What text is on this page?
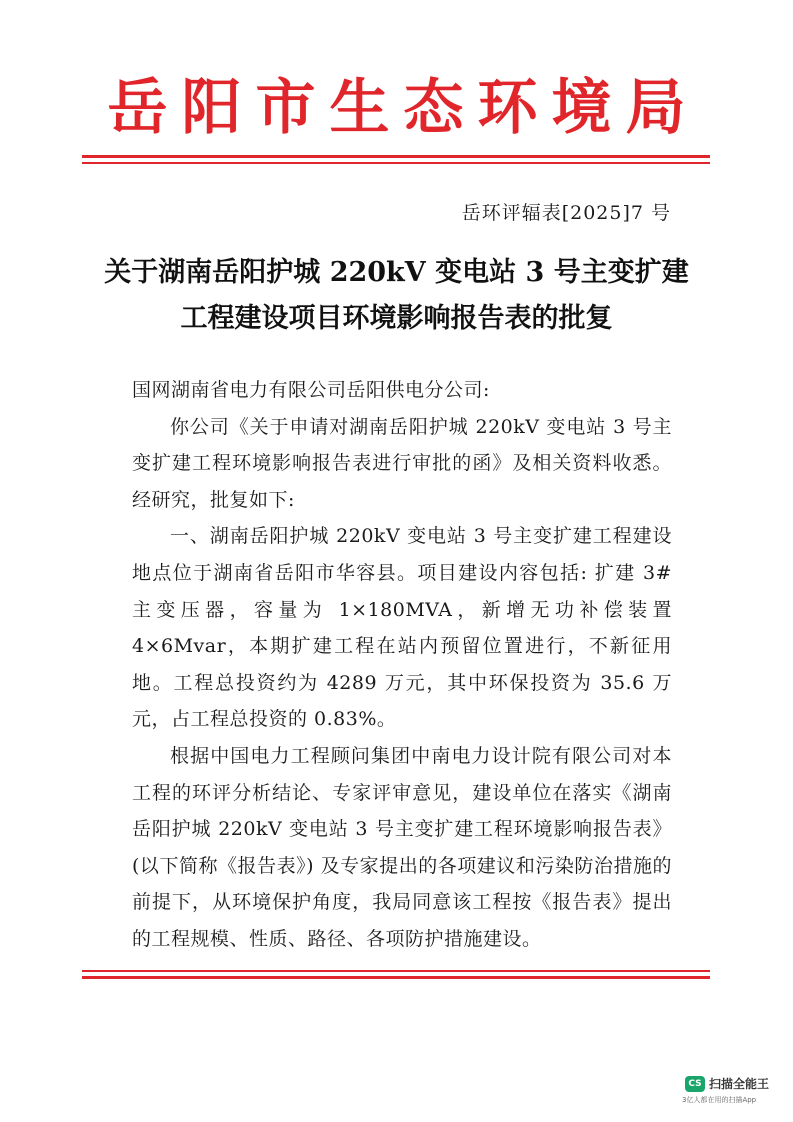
岳阳市生态环境局
岳环评辐表[2025]7 号
关于湖南岳阳护城 220kV 变电站 3 号主变扩建
工程建设项目环境影响报告表的批复

国网湖南省电力有限公司岳阳供电分公司:

你公司《关于申请对湖南岳阳护城 220kV 变电站 3 号主变扩建工程环境影响报告表进行审批的函》及相关资料收悉。经研究，批复如下:

一、湖南岳阳护城 220kV 变电站 3 号主变扩建工程建设地点位于湖南省岳阳市华容县。项目建设内容包括: 扩建 3# 主变压器，容量为 1×180MVA，新增无功补偿装置 4×6Mvar，本期扩建工程在站内预留位置进行，不新征用地。工程总投资约为 4289 万元，其中环保投资为 35.6 万元，占工程总投资的 0.83%。

根据中国电力工程顾问集团中南电力设计院有限公司对本工程的环评分析结论、专家评审意见，建设单位在落实《湖南岳阳护城 220kV 变电站 3 号主变扩建工程环境影响报告表》(以下简称《报告表》) 及专家提出的各项建议和污染防治措施的前提下，从环境保护角度，我局同意该工程按《报告表》提出的工程规模、性质、路径、各项防护措施建设。

CS 扫描全能王
3亿人都在用的扫描App
